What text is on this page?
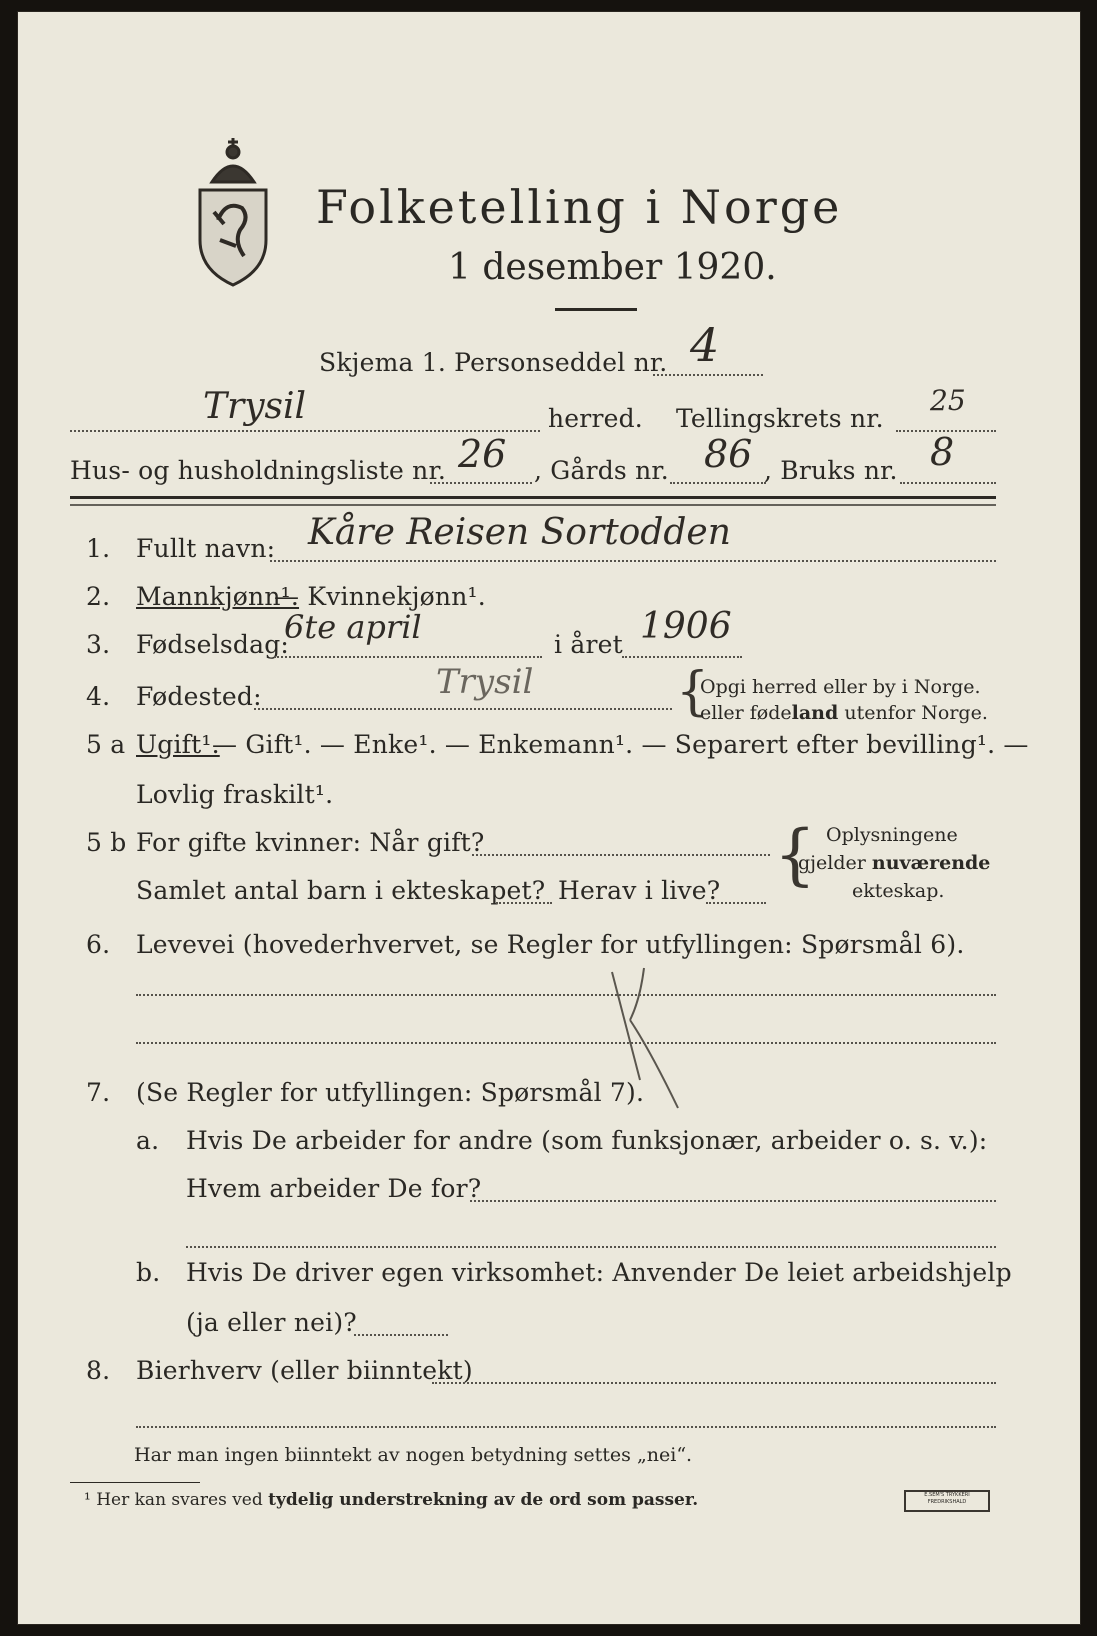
Folketelling i Norge
1 desember 1920.
Skjema 1. Personseddel nr. 4
Trysil	herred. Tellingskrets nr.
25
Hus- og husholdningsliste nr. 26 , Gårds nr. 86 , Bruks nr. 8
1. Fullt navn: Kåre Reisen Sortodden
2. Mannkjønn¹.
— Kvinnekjønn¹.
3. Fødselsdag:
6te april	i året 1906
4. Fødested:	Trysil	{
Opgi herred eller by i Norge.
eller fødeland utenfor Norge.
5 a Ugift¹.
— Gift¹. — Enke¹. — Enkemann¹. — Separert efter bevilling¹. —
Lovlig fraskilt¹.
5 b For gifte kvinner: Når gift?
Samlet antal barn i ekteskapet? Herav i live? { Oplysningene
gjelder nuværende
ekteskap.
6. Levevei (hovederhvervet, se Regler for utfyllingen: Spørsmål 6).
7. (Se Regler for utfyllingen: Spørsmål 7).
a. Hvis De arbeider for andre (som funksjonær, arbeider o. s. v.):
Hvem arbeider De for?
b. Hvis De driver egen virksomhet: Anvender De leiet arbeidshjelp
(ja eller nei)?
8. Bierhverv (eller biinntekt)
Har man ingen biinntekt av nogen betydning settes „nei“.
¹ Her kan svares ved tydelig understrekning av de ord som passer.	E.SEM'S TRYKKERI FREDRIKSHALD
